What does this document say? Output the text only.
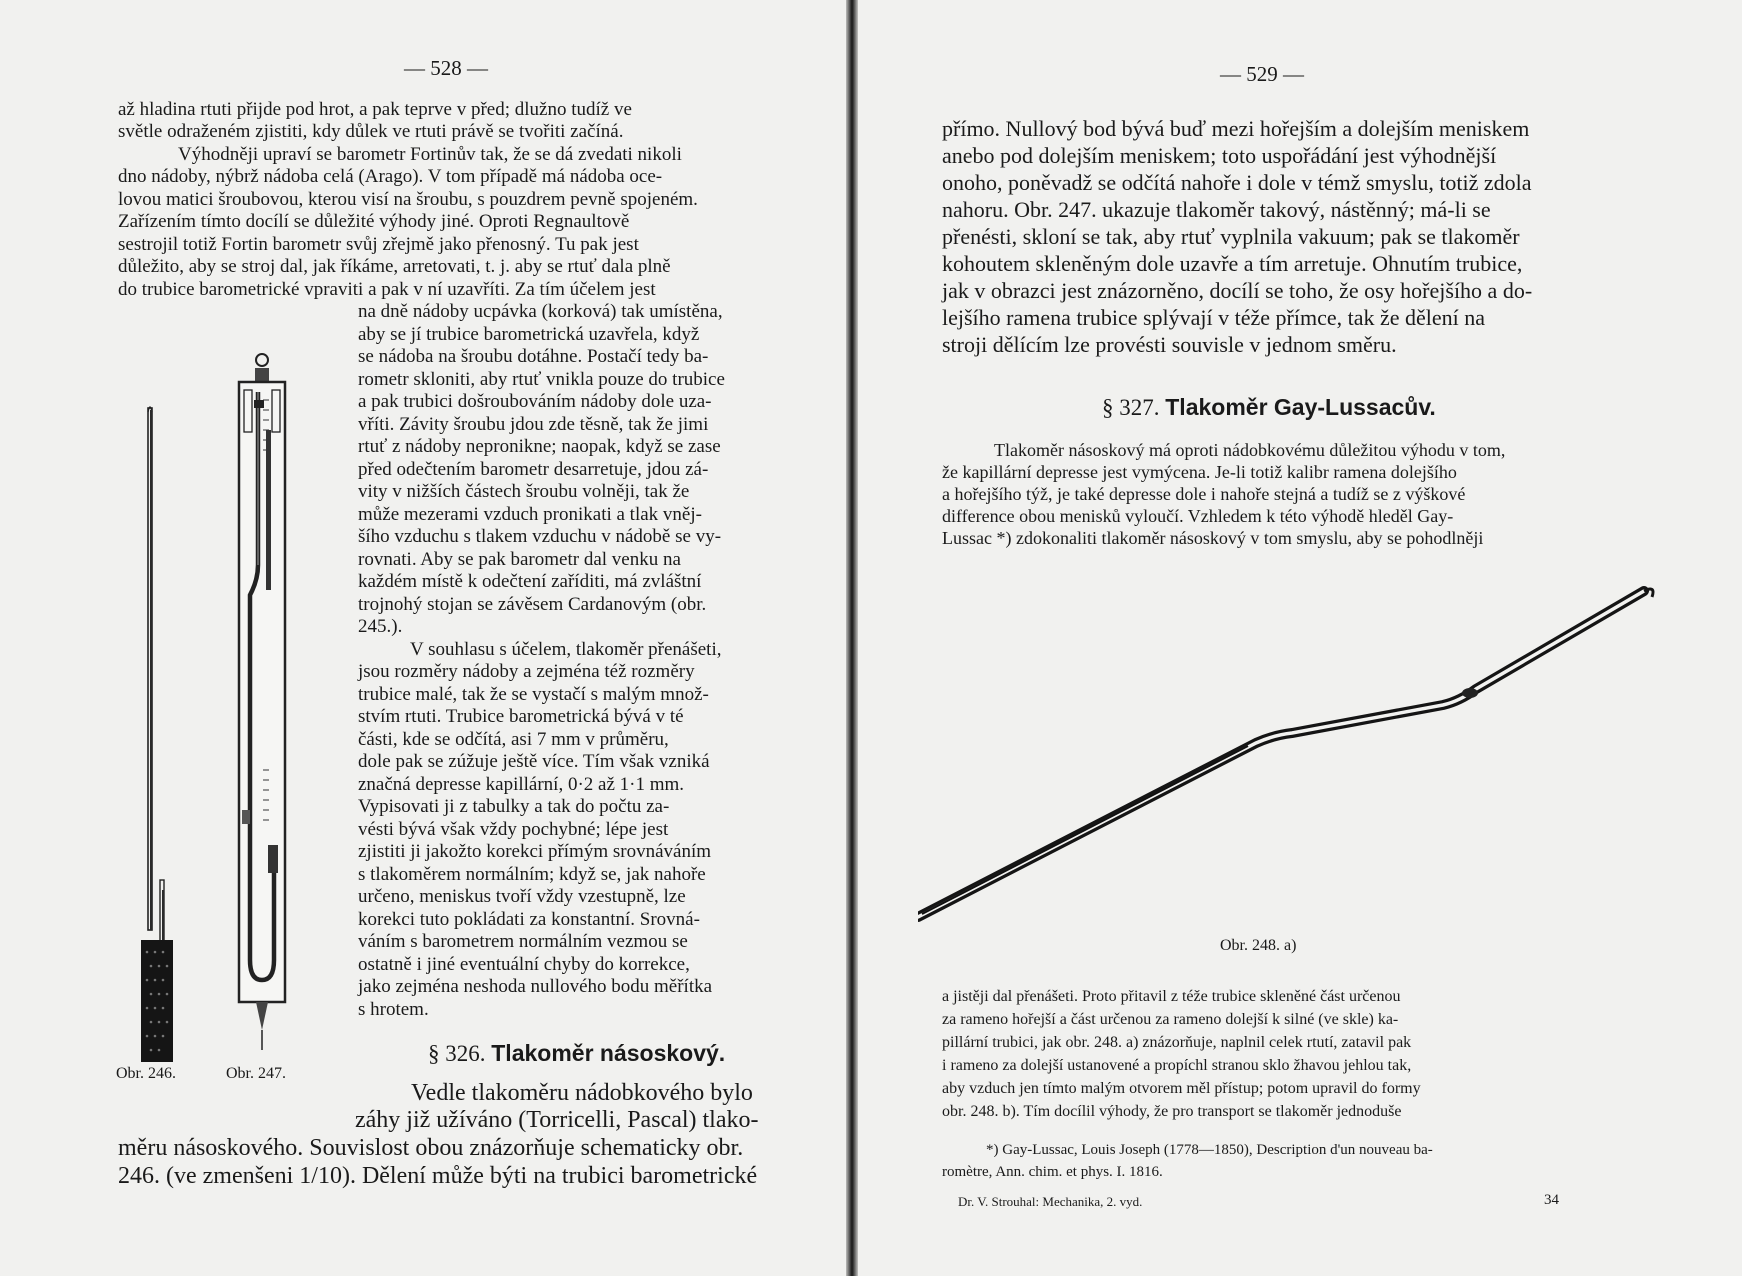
— 528 —
až hladina rtuti přijde pod hrot, a pak teprve v před; dlužno tudíž ve
světle odraženém zjistiti, kdy důlek ve rtuti právě se tvořiti začíná.
Výhodněji upraví se barometr Fortinův tak, že se dá zvedati nikoli
dno nádoby, nýbrž nádoba celá (Arago). V tom případě má nádoba oce-
lovou matici šroubovou, kterou visí na šroubu, s pouzdrem pevně spojeném.
Zařízením tímto docílí se důležité výhody jiné. Oproti Regnaultově
sestrojil totiž Fortin barometr svůj zřejmě jako přenosný. Tu pak jest
důležito, aby se stroj dal, jak říkáme, arretovati, t. j. aby se rtuť dala plně
do trubice barometrické vpraviti a pak v ní uzavříti. Za tím účelem jest
na dně nádoby ucpávka (korková) tak umístěna,
aby se jí trubice barometrická uzavřela, když
se nádoba na šroubu dotáhne. Postačí tedy ba-
rometr skloniti, aby rtuť vnikla pouze do trubice
a pak trubici došroubováním nádoby dole uza-
vříti. Závity šroubu jdou zde těsně, tak že jimi
rtuť z nádoby nepronikne; naopak, když se zase
před odečtením barometr desarretuje, jdou zá-
vity v nižších částech šroubu volněji, tak že
může mezerami vzduch pronikati a tlak vněj-
šího vzduchu s tlakem vzduchu v nádobě se vy-
rovnati. Aby se pak barometr dal venku na
každém místě k odečtení zaříditi, má zvláštní
trojnohý stojan se závěsem Cardanovým (obr.
245.).
V souhlasu s účelem, tlakoměr přenášeti,
jsou rozměry nádoby a zejména též rozměry
trubice malé, tak že se vystačí s malým množ-
stvím rtuti. Trubice barometrická bývá v té
části, kde se odčítá, asi 7 mm v průměru,
dole pak se zúžuje ještě více. Tím však vzniká
značná depresse kapillární, 0·2 až 1·1 mm.
Vypisovati ji z tabulky a tak do počtu za-
vésti bývá však vždy pochybné; lépe jest
zjistiti ji jakožto korekci přímým srovnáváním
s tlakoměrem normálním; když se, jak nahoře
určeno, meniskus tvoří vždy vzestupně, lze
korekci tuto pokládati za konstantní. Srovná-
váním s barometrem normálním vezmou se
ostatně i jiné eventuální chyby do korrekce,
jako zejména neshoda nullového bodu měřítka
s hrotem.
Obr. 246.	Obr. 247.
§ 326. Tlakoměr násoskový.
Vedle tlakoměru nádobkového bylo
záhy již užíváno (Torricelli, Pascal) tlako-
měru násoskového. Souvislost obou znázorňuje schematicky obr.
246. (ve zmenšeni 1/10). Dělení může býti na trubici barometrické
— 529 —
přímo. Nullový bod bývá buď mezi hořejším a dolejším meniskem
anebo pod dolejším meniskem; toto uspořádání jest výhodnější
onoho, poněvadž se odčítá nahoře i dole v témž smyslu, totiž zdola
nahoru. Obr. 247. ukazuje tlakoměr takový, nástěnný; má-li se
přenésti, skloní se tak, aby rtuť vyplnila vakuum; pak se tlakoměr
kohoutem skleněným dole uzavře a tím arretuje. Ohnutím trubice,
jak v obrazci jest znázorněno, docílí se toho, že osy hořejšího a do-
lejšího ramena trubice splývají v téže přímce, tak že dělení na
stroji dělícím lze provésti souvisle v jednom směru.
§ 327. Tlakoměr Gay-Lussacův.
Tlakoměr násoskový má oproti nádobkovému důležitou výhodu v tom,
že kapillární depresse jest vymýcena. Je-li totiž kalibr ramena dolejšího
a hořejšího týž, je také depresse dole i nahoře stejná a tudíž se z výškové
difference obou menisků vyloučí. Vzhledem k této výhodě hleděl Gay-
Lussac *) zdokonaliti tlakoměr násoskový v tom smyslu, aby se pohodlněji
Obr. 248. a)
a jistěji dal přenášeti. Proto přitavil z téže trubice skleněné část určenou
za rameno hořejší a část určenou za rameno dolejší k silné (ve skle) ka-
pillární trubici, jak obr. 248. a) znázorňuje, naplnil celek rtutí, zatavil pak
i rameno za dolejší ustanovené a propíchl stranou sklo žhavou jehlou tak,
aby vzduch jen tímto malým otvorem měl přístup; potom upravil do formy
obr. 248. b). Tím docílil výhody, že pro transport se tlakoměr jednoduše
*) Gay-Lussac, Louis Joseph (1778—1850), Description d'un nouveau ba-
romètre, Ann. chim. et phys. I. 1816.
Dr. V. Strouhal: Mechanika, 2. vyd.	34
